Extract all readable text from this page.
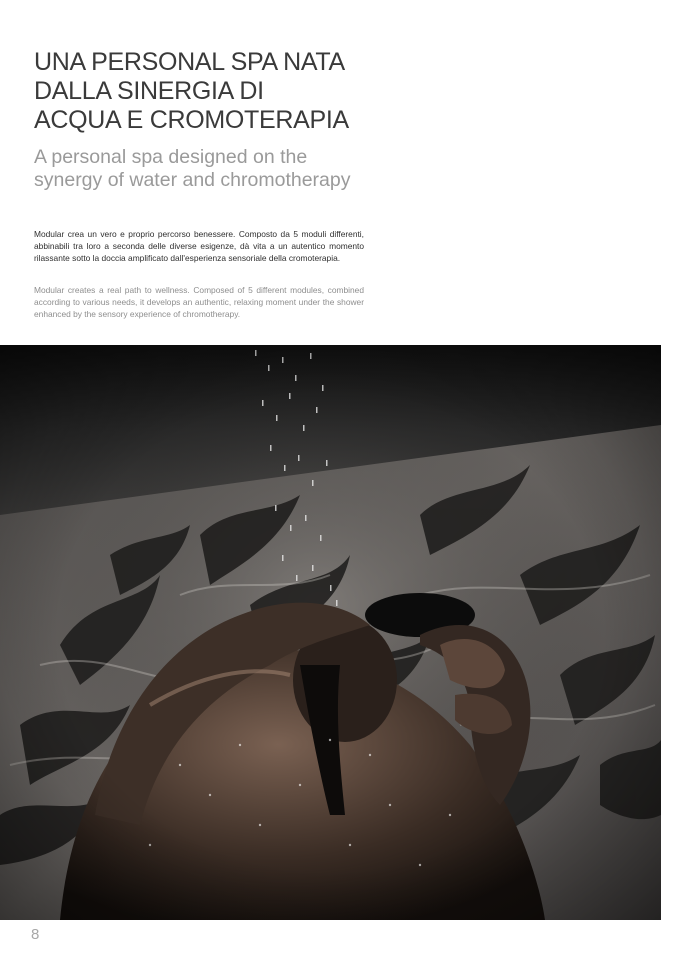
UNA PERSONAL SPA NATA
DALLA SINERGIA DI
ACQUA E CROMOTERAPIA
A personal spa designed on the
synergy of water and chromotherapy

Modular crea un vero e proprio percorso benessere. Composto da 5 moduli differenti, abbinabili tra loro a seconda delle diverse esigenze, dà vita a un autentico momento rilassante sotto la doccia amplificato dall'esperienza sensoriale della cromoterapia.

Modular creates a real path to wellness. Composed of 5 different modules, combined according to various needs, it develops an authentic, relaxing moment under the shower enhanced by the sensory experience of chromotherapy.

8
